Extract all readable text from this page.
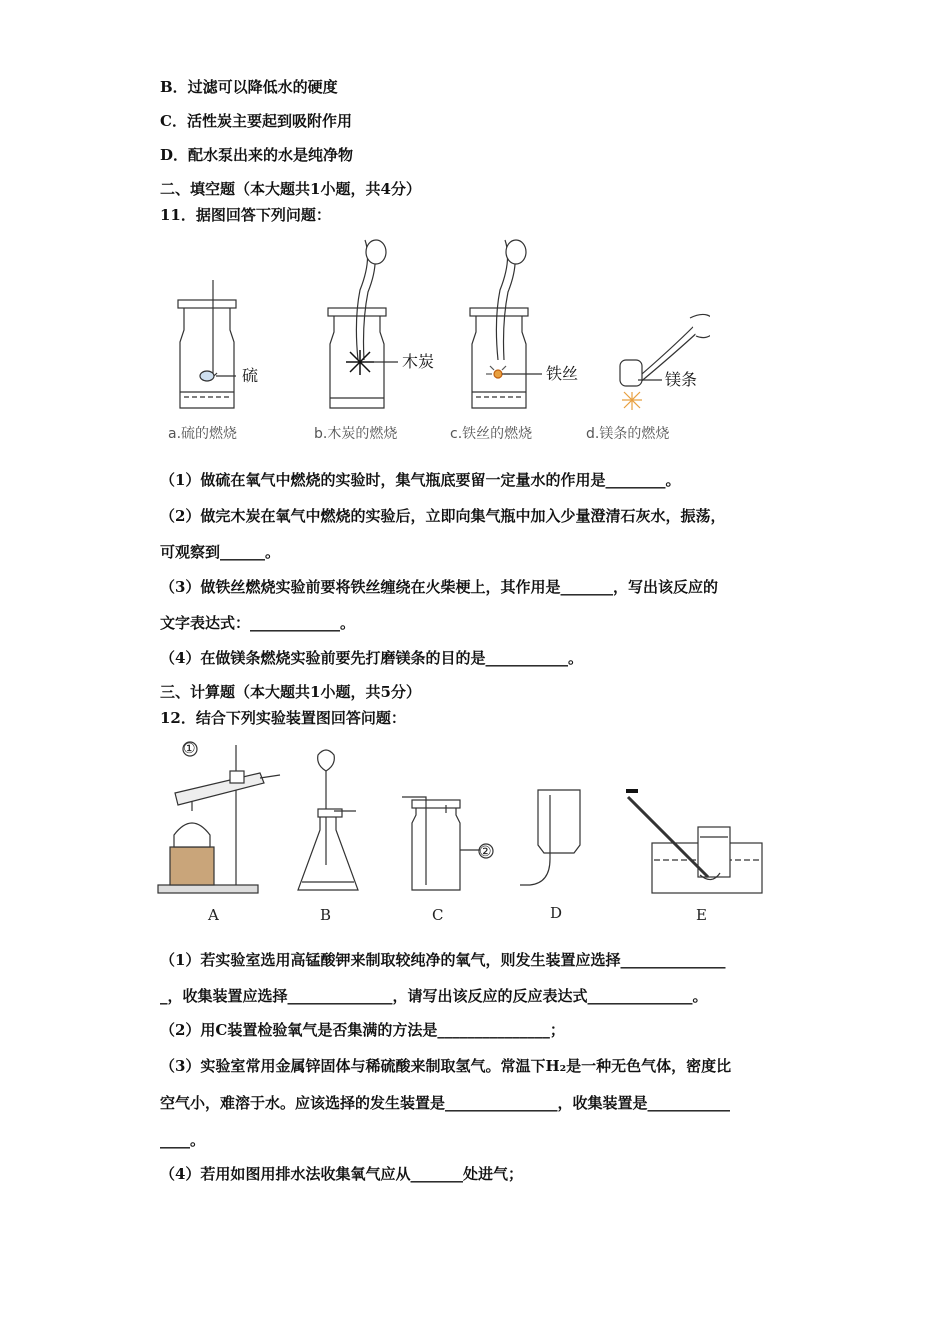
B．过滤可以降低水的硬度
C．活性炭主要起到吸附作用
D．配水泵出来的水是纯净物
二、填空题（本大题共1小题，共4分）
11．据图回答下列问题：
硫
木炭
铁丝	镁条
a.硫的燃烧	b.木炭的燃烧	c.铁丝的燃烧	d.镁条的燃烧
（1）做硫在氧气中燃烧的实验时，集气瓶底要留一定量水的作用是________。
（2）做完木炭在氧气中燃烧的实验后，立即向集气瓶中加入少量澄清石灰水，振荡，
可观察到______。
（3）做铁丝燃烧实验前要将铁丝缠绕在火柴梗上，其作用是_______，写出该反应的
文字表达式：____________。
（4）在做镁条燃烧实验前要先打磨镁条的目的是___________。
三、计算题（本大题共1小题，共5分）
12．结合下列实验装置图回答问题：
①
②
A	B	C	D	E
（1）若实验室选用高锰酸钾来制取较纯净的氧气，则发生装置应选择______________
_，收集装置应选择______________，请写出该反应的反应表达式______________。
（2）用C装置检验氧气是否集满的方法是_______________；
（3）实验室常用金属锌固体与稀硫酸来制取氢气。常温下H₂是一种无色气体，密度比
空气小，难溶于水。应该选择的发生装置是_______________，收集装置是___________
____。
（4）若用如图用排水法收集氧气应从_______处进气；
